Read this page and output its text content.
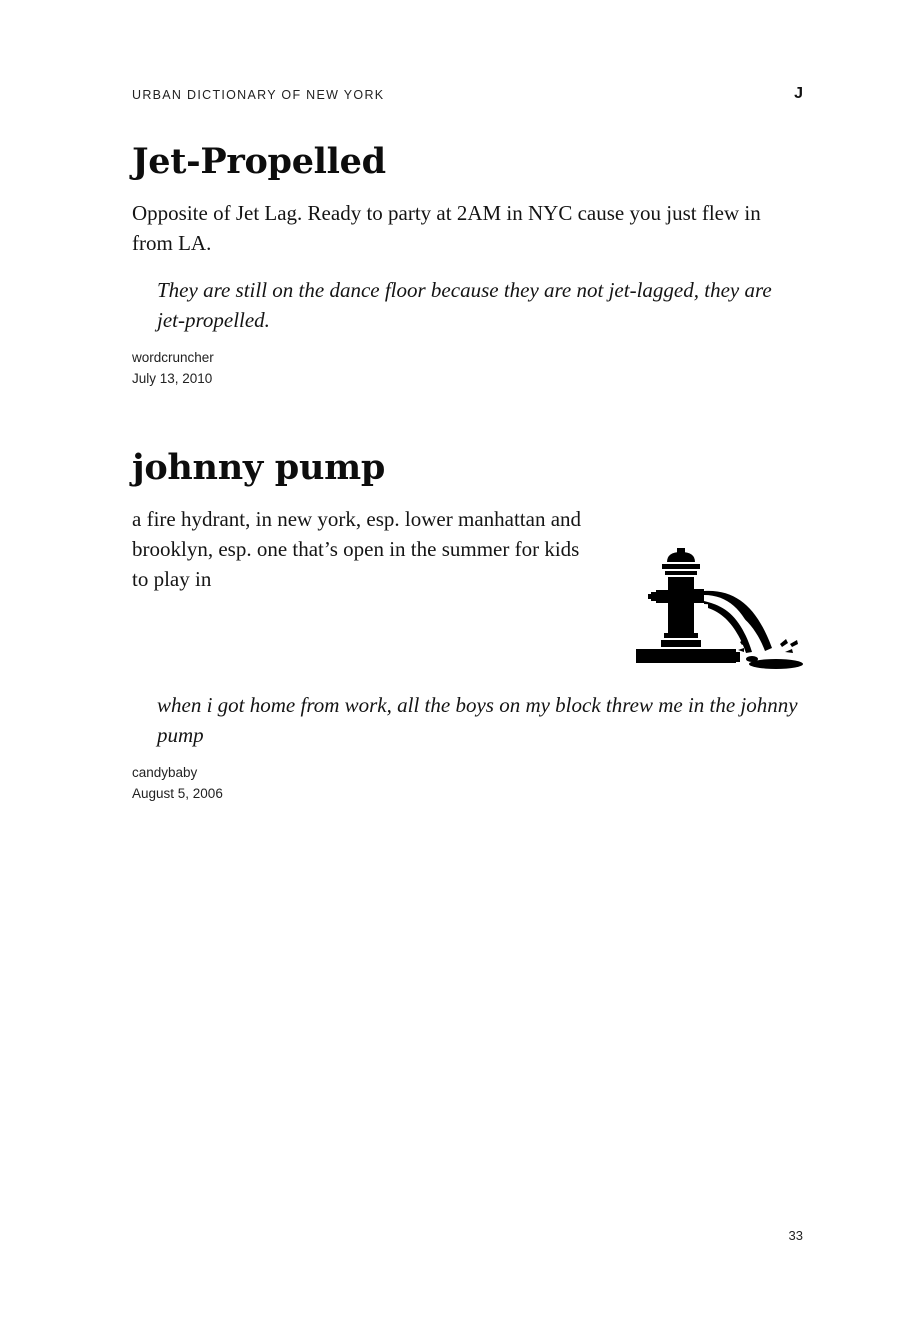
URBAN DICTIONARY OF NEW YORK	J
Jet-Propelled

Opposite of Jet Lag. Ready to party at 2AM in NYC cause you just flew in from LA.

They are still on the dance floor because they are not jet-lagged, they are jet-propelled.

wordcruncher
July 13, 2010
johnny pump

a fire hydrant, in new york, esp. lower manhattan and brooklyn, esp. one that’s open in the summer for kids to play in

when i got home from work, all the boys on my block threw me in the johnny pump

candybaby
August 5, 2006
33
